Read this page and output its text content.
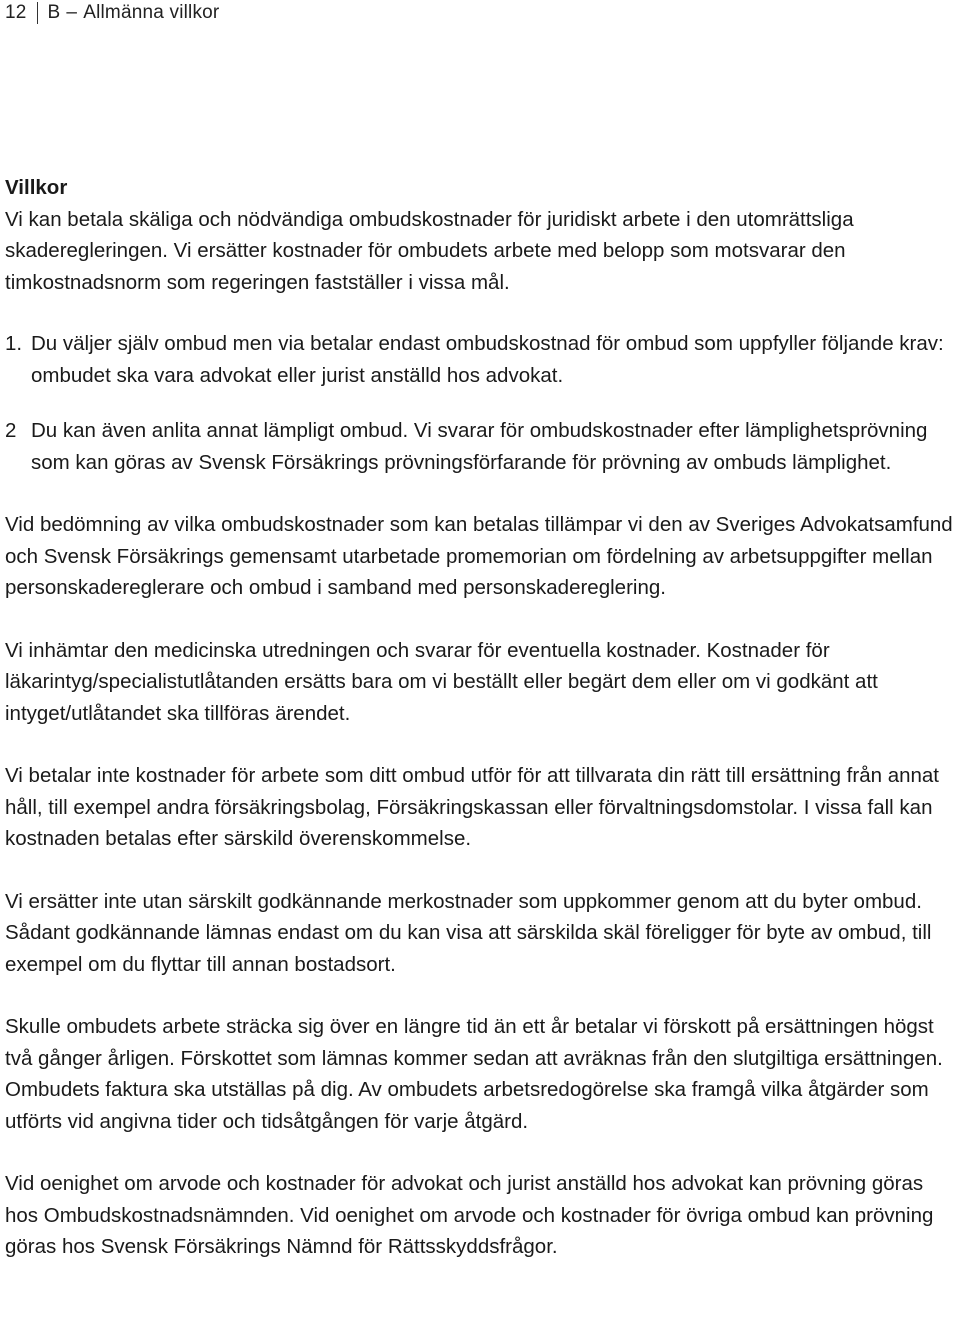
12 B – Allmänna villkor
Villkor

Vi kan betala skäliga och nödvändiga ombudskostnader för juridiskt arbete i den utomrättsliga skaderegleringen. Vi ersätter kostnader för ombudets arbete med belopp som motsvarar den timkostnadsnorm som regeringen fastställer i vissa mål.

1. Du väljer själv ombud men via betalar endast ombudskostnad för ombud som uppfyller följande krav: ombudet ska vara advokat eller jurist anställd hos advokat.
2 Du kan även anlita annat lämpligt ombud. Vi svarar för ombudskostnader efter lämplighetsprövning som kan göras av Svensk Försäkrings prövningsförfarande för prövning av ombuds lämplighet.

Vid bedömning av vilka ombudskostnader som kan betalas tillämpar vi den av Sveriges Advokatsamfund och Svensk Försäkrings gemensamt utarbetade promemorian om fördelning av arbetsuppgifter mellan personskadereglerare och ombud i samband med personskadereglering.

Vi inhämtar den medicinska utredningen och svarar för eventuella kostnader. Kostnader för läkarintyg/specialistutlåtanden ersätts bara om vi beställt eller begärt dem eller om vi godkänt att intyget/utlåtandet ska tillföras ärendet.

Vi betalar inte kostnader för arbete som ditt ombud utför för att tillvarata din rätt till ersättning från annat håll, till exempel andra försäkringsbolag, Försäkringskassan eller förvaltningsdomstolar. I vissa fall kan kostnaden betalas efter särskild överenskommelse.

Vi ersätter inte utan särskilt godkännande merkostnader som uppkommer genom att du byter ombud. Sådant godkännande lämnas endast om du kan visa att särskilda skäl föreligger för byte av ombud, till exempel om du flyttar till annan bostadsort.

Skulle ombudets arbete sträcka sig över en längre tid än ett år betalar vi förskott på ersättningen högst två gånger årligen. Förskottet som lämnas kommer sedan att avräknas från den slutgiltiga ersättningen. Ombudets faktura ska utställas på dig. Av ombudets arbetsredogörelse ska framgå vilka åtgärder som utförts vid angivna tider och tidsåtgången för varje åtgärd.

Vid oenighet om arvode och kostnader för advokat och jurist anställd hos advokat kan prövning göras hos Ombudskostnadsnämnden. Vid oenighet om arvode och kostnader för övriga ombud kan prövning göras hos Svensk Försäkrings Nämnd för Rättsskyddsfrågor.
